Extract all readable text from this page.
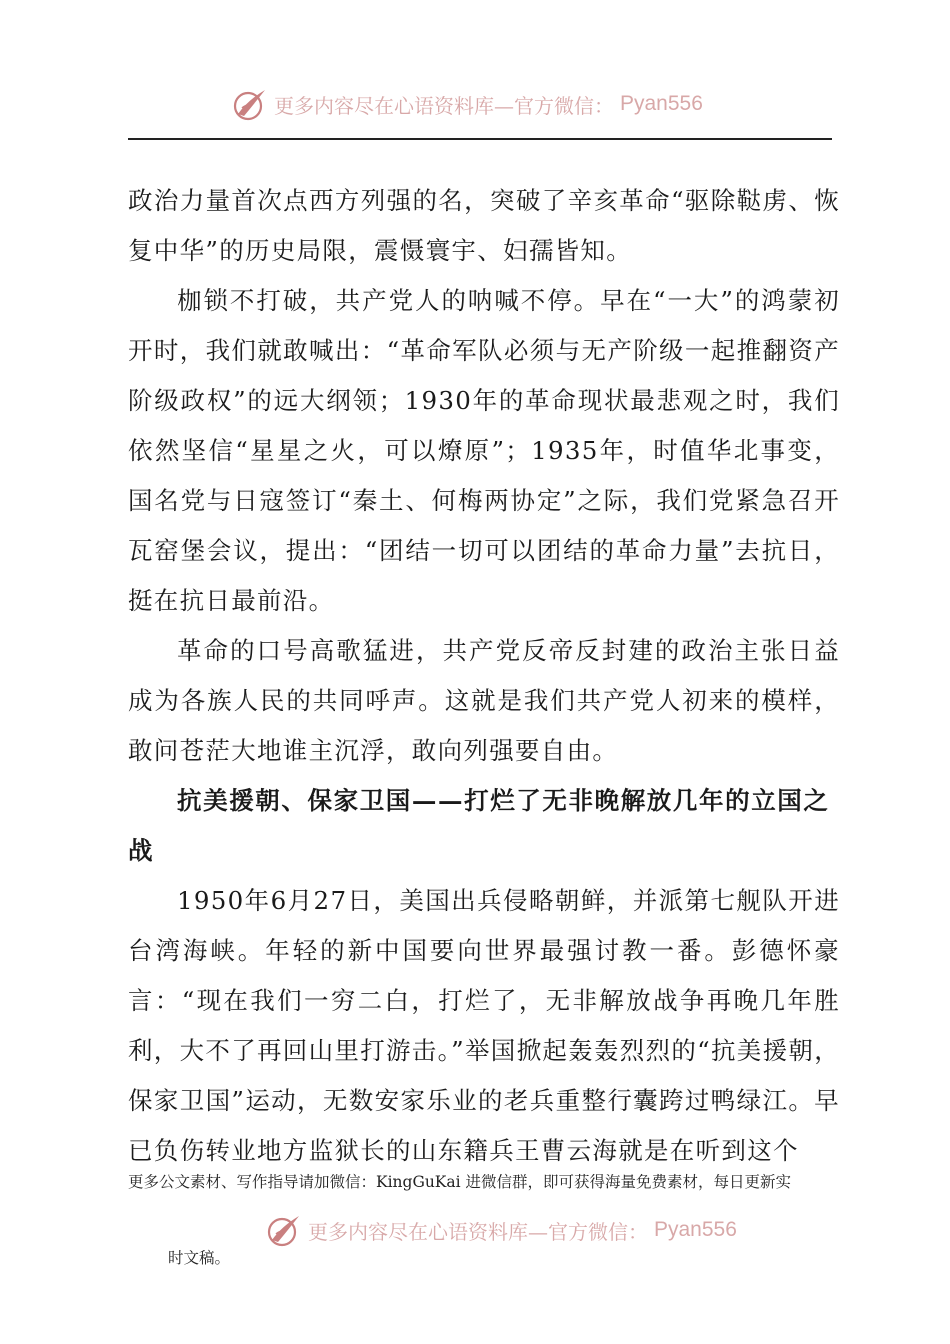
更多内容尽在心语资料库—官方微信： Pyan556

政治力量首次点西方列强的名，突破了辛亥革命“驱除鞑虏、恢复中华”的历史局限，震慑寰宇、妇孺皆知。

枷锁不打破，共产党人的呐喊不停。早在“一大”的鸿蒙初开时，我们就敢喊出：“革命军队必须与无产阶级一起推翻资产阶级政权”的远大纲领；1930年的革命现状最悲观之时，我们依然坚信“星星之火，可以燎原”；1935年，时值华北事变，国名党与日寇签订“秦土、何梅两协定”之际，我们党紧急召开瓦窑堡会议，提出：“团结一切可以团结的革命力量”去抗日，挺在抗日最前沿。

革命的口号高歌猛进，共产党反帝反封建的政治主张日益成为各族人民的共同呼声。这就是我们共产党人初来的模样，敢问苍茫大地谁主沉浮，敢向列强要自由。

抗美援朝、保家卫国——打烂了无非晚解放几年的立国之战

1950年6月27日，美国出兵侵略朝鲜，并派第七舰队开进台湾海峡。年轻的新中国要向世界最强讨教一番。彭德怀豪言：“现在我们一穷二白，打烂了，无非解放战争再晚几年胜利，大不了再回山里打游击。”举国掀起轰轰烈烈的“抗美援朝，保家卫国”运动，无数安家乐业的老兵重整行囊跨过鸭绿江。早已负伤转业地方监狱长的山东籍兵王曹云海就是在听到这个

更多公文素材、写作指导请加微信：KingGuKai 进微信群，即可获得海量免费素材，每日更新实
更多内容尽在心语资料库—官方微信： Pyan556
时文稿。
